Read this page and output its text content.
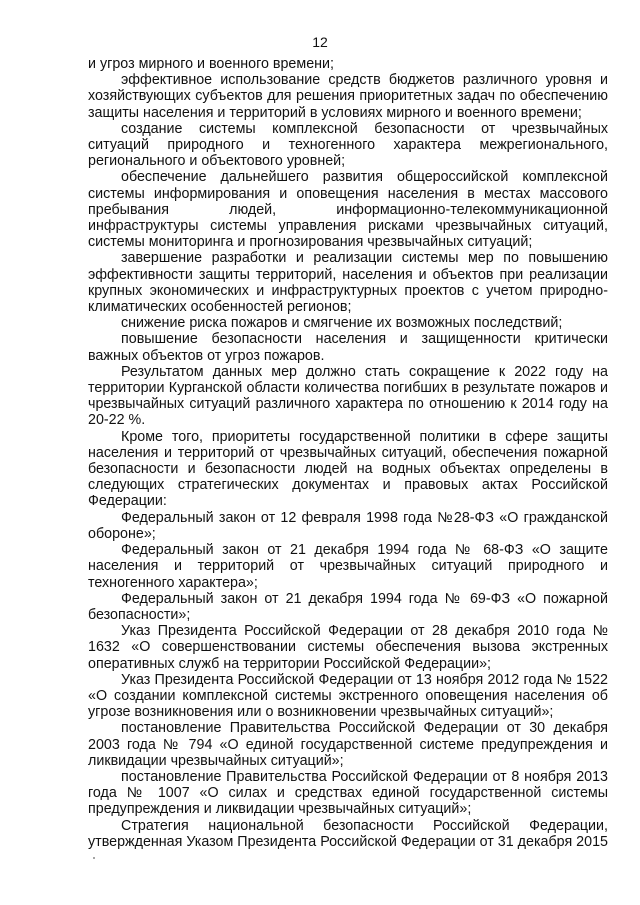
12

и угроз мирного и военного времени;

эффективное использование средств бюджетов различного уровня и хозяйствующих субъектов для решения приоритетных задач по обеспечению защиты населения и территорий в условиях мирного и военного времени;

создание системы комплексной безопасности от чрезвычайных ситуаций природного и техногенного характера межрегионального, регионального и объектового уровней;

обеспечение дальнейшего развития общероссийской комплексной системы информирования и оповещения населения в местах массового пребывания людей, информационно-телекоммуникационной инфраструктуры системы управления рисками чрезвычайных ситуаций, системы мониторинга и прогнозирования чрезвычайных ситуаций;

завершение разработки и реализации системы мер по повышению эффективности защиты территорий, населения и объектов при реализации крупных экономических и инфраструктурных проектов с учетом природно-климатических особенностей регионов;

снижение риска пожаров и смягчение их возможных последствий;

повышение безопасности населения и защищенности критически важных объектов от угроз пожаров.

Результатом данных мер должно стать сокращение к 2022 году на территории Курганской области количества погибших в результате пожаров и чрезвычайных ситуаций различного характера по отношению к 2014 году на 20-22 %.

Кроме того, приоритеты государственной политики в сфере защиты населения и территорий от чрезвычайных ситуаций, обеспечения пожарной безопасности и безопасности людей на водных объектах определены в следующих стратегических документах и правовых актах Российской Федерации:

Федеральный закон от 12 февраля 1998 года №28-ФЗ «О гражданской обороне»;

Федеральный закон от 21 декабря 1994 года № 68-ФЗ «О защите населения и территорий от чрезвычайных ситуаций природного и техногенного характера»;

Федеральный закон от 21 декабря 1994 года № 69-ФЗ «О пожарной безопасности»;

Указ Президента Российской Федерации от 28 декабря 2010 года № 1632 «О совершенствовании системы обеспечения вызова экстренных оперативных служб на территории Российской Федерации»;

Указ Президента Российской Федерации от 13 ноября 2012 года № 1522 «О создании комплексной системы экстренного оповещения населения об угрозе возникновения или о возникновении чрезвычайных ситуаций»;

постановление Правительства Российской Федерации от 30 декабря 2003 года № 794 «О единой государственной системе предупреждения и ликвидации чрезвычайных ситуаций»;

постановление Правительства Российской Федерации от 8 ноября 2013 года № 1007 «О силах и средствах единой государственной системы предупреждения и ликвидации чрезвычайных ситуаций»;

Стратегия национальной безопасности Российской Федерации, утвержденная Указом Президента Российской Федерации от 31 декабря 2015
